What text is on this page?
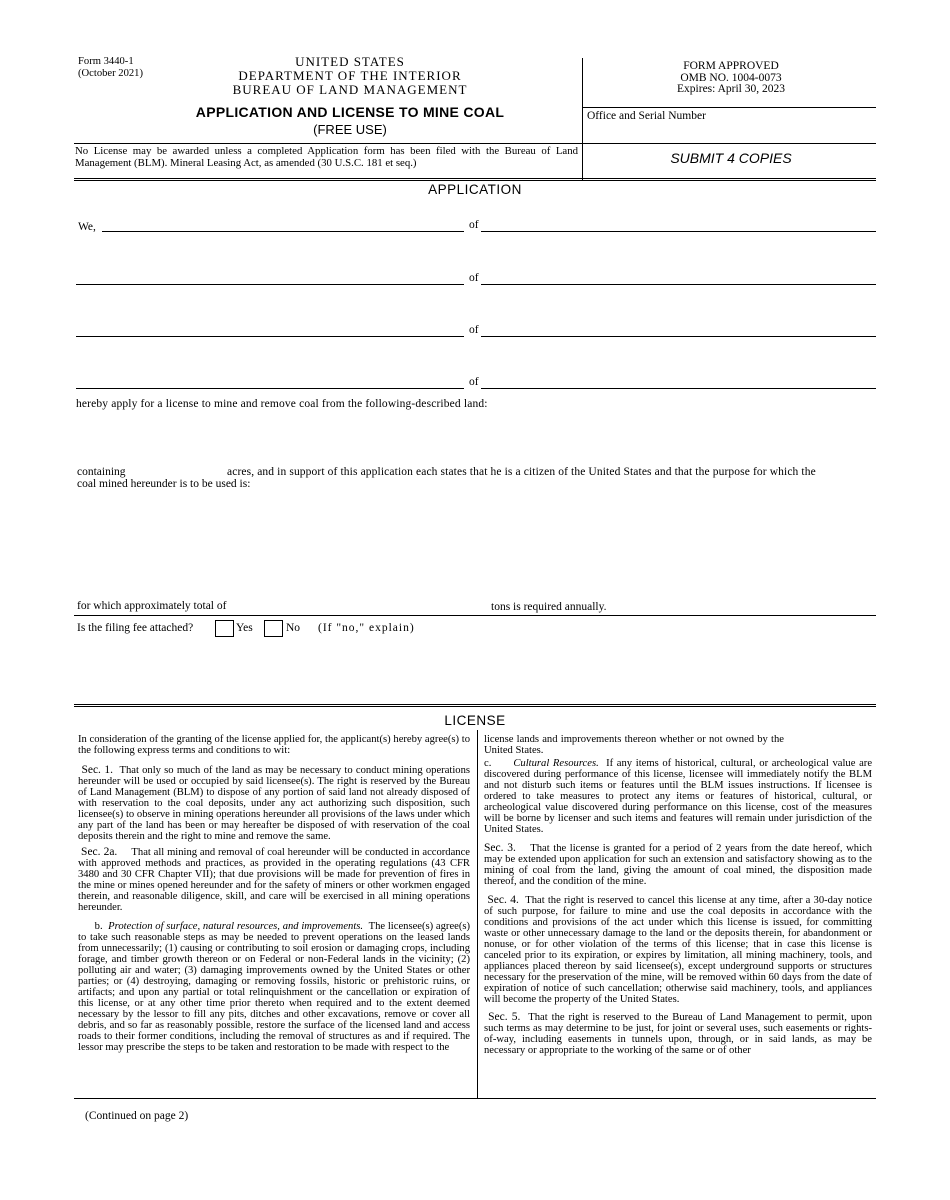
Form 3440-1
(October 2021)
UNITED STATES
DEPARTMENT OF THE INTERIOR
BUREAU OF LAND MANAGEMENT
APPLICATION AND LICENSE TO MINE COAL
(FREE USE)
FORM APPROVED
OMB NO. 1004-0073
Expires: April 30, 2023
Office and Serial Number
No License may be awarded unless a completed Application form has been filed with the Bureau of Land Management (BLM). Mineral Leasing Act, as amended (30 U.S.C. 181 et seq.)	SUBMIT 4 COPIES
APPLICATION
We,	of
of
of
of
hereby apply for a license to mine and remove coal from the following-described land:
containing	acres, and in support of this application each states that he is a citizen of the United States and that the purpose for which the
coal mined hereunder is to be used is:
for which approximately total of	tons is required annually.
Is the filing fee attached?	Yes	No (If "no," explain)
LICENSE
In consideration of the granting of the license applied for, the applicant(s) hereby agree(s) to the following express terms and conditions to wit:
Sec. 1. That only so much of the land as may be necessary to conduct mining operations hereunder will be used or occupied by said licensee(s). The right is reserved by the Bureau of Land Management (BLM) to dispose of any portion of said land not already disposed of with reservation to the coal deposits, under any act authorizing such disposition, such licensee(s) to observe in mining operations hereunder all provisions of the laws under which any part of the land has been or may hereafter be disposed of with reservation of the coal deposits therein and the right to mine and remove the same.
Sec. 2a. That all mining and removal of coal hereunder will be conducted in accordance with approved methods and practices, as provided in the operating regulations (43 CFR 3480 and 30 CFR Chapter VII); that due provisions will be made for prevention of fires in the mine or mines opened hereunder and for the safety of miners or other workmen engaged therein, and reasonable diligence, skill, and care will be exercised in all mining operations hereunder.
b. Protection of surface, natural resources, and improvements. The licensee(s) agree(s) to take such reasonable steps as may be needed to prevent operations on the leased lands from unnecessarily; (1) causing or contributing to soil erosion or damaging crops, including forage, and timber growth thereon or on Federal or non-Federal lands in the vicinity; (2) polluting air and water; (3) damaging improvements owned by the United States or other parties; or (4) destroying, damaging or removing fossils, historic or prehistoric ruins, or artifacts; and upon any partial or total relinquishment or the cancellation or expiration of this license, or at any other time prior thereto when required and to the extent deemed necessary by the lessor to fill any pits, ditches and other excavations, remove or cover all debris, and so far as reasonably possible, restore the surface of the licensed land and access roads to their former conditions, including the removal of structures as and if required. The lessor may prescribe the steps to be taken and restoration to be made with respect to the
license lands and improvements thereon whether or not owned by the United States.
c. Cultural Resources. If any items of historical, cultural, or archeological value are discovered during performance of this license, licensee will immediately notify the BLM and not disturb such items or features until the BLM issues instructions. If licensee is ordered to take measures to protect any items or features of historical, cultural, or archeological value discovered during performance on this license, cost of the measures will be borne by licenser and such items and features will remain under jurisdiction of the United States.
Sec. 3. That the license is granted for a period of 2 years from the date hereof, which may be extended upon application for such an extension and satisfactory showing as to the mining of coal from the land, giving the amount of coal mined, the disposition made thereof, and the condition of the mine.
Sec. 4. That the right is reserved to cancel this license at any time, after a 30-day notice of such purpose, for failure to mine and use the coal deposits in accordance with the conditions and provisions of the act under which this license is issued, for committing waste or other unnecessary damage to the land or the deposits therein, for abandonment or nonuse, or for other violation of the terms of this license; that in case this license is canceled prior to its expiration, or expires by limitation, all mining machinery, tools, and appliances placed thereon by said licensee(s), except underground supports or structures necessary for the preservation of the mine, will be removed within 60 days from the date of expiration of notice of such cancellation; otherwise said machinery, tools, and appliances will become the property of the United States.
Sec. 5. That the right is reserved to the Bureau of Land Management to permit, upon such terms as may determine to be just, for joint or several uses, such easements or rights-of-way, including easements in tunnels upon, through, or in said lands, as may be necessary or appropriate to the working of the same or of other
(Continued on page 2)
